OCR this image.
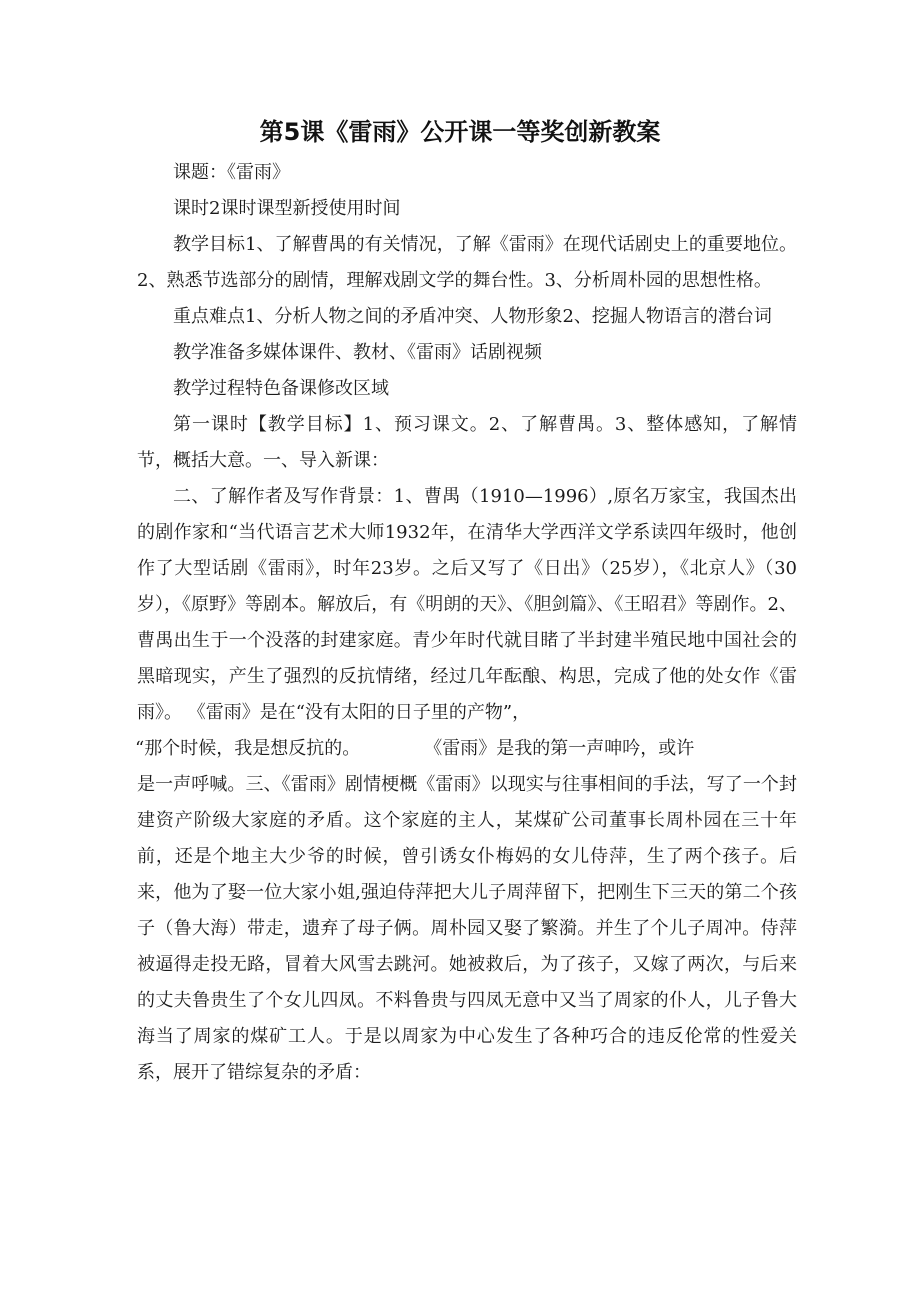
第5课《雷雨》公开课一等奖创新教案

课题：《雷雨》

课时2课时课型新授使用时间

教学目标1、了解曹禺的有关情况，了解《雷雨》在现代话剧史上的重要地位。2、熟悉节选部分的剧情，理解戏剧文学的舞台性。3、分析周朴园的思想性格。

重点难点1、分析人物之间的矛盾冲突、人物形象2、挖掘人物语言的潜台词

教学准备多媒体课件、教材、《雷雨》话剧视频

教学过程特色备课修改区域

第一课时【教学目标】1、预习课文。2、了解曹禺。3、整体感知，了解情节，概括大意。一、导入新课：

二、了解作者及写作背景：1、曹禺（1910—1996）,原名万家宝，我国杰出的剧作家和“当代语言艺术大师1932年，在清华大学西洋文学系读四年级时，他创作了大型话剧《雷雨》，时年23岁。之后又写了《日出》（25岁），《北京人》（30岁），《原野》等剧本。解放后，有《明朗的天》、《胆剑篇》、《王昭君》等剧作。2、曹禺出生于一个没落的封建家庭。青少年时代就目睹了半封建半殖民地中国社会的黑暗现实，产生了强烈的反抗情绪，经过几年酝酿、构思，完成了他的处女作《雷雨》。 《雷雨》是在“没有太阳的日子里的产物”，

“那个时候，我是想反抗的。	《雷雨》是我的第一声呻吟，或许

是一声呼喊。三、《雷雨》剧情梗概《雷雨》以现实与往事相间的手法，写了一个封建资产阶级大家庭的矛盾。这个家庭的主人，某煤矿公司董事长周朴园在三十年前，还是个地主大少爷的时候，曾引诱女仆梅妈的女儿侍萍，生了两个孩子。后来，他为了娶一位大家小姐,强迫侍萍把大儿子周萍留下，把刚生下三天的第二个孩子（鲁大海）带走，遗弃了母子俩。周朴园又娶了繁漪。并生了个儿子周冲。侍萍被逼得走投无路，冒着大风雪去跳河。她被救后，为了孩子，又嫁了两次，与后来的丈夫鲁贵生了个女儿四凤。不料鲁贵与四凤无意中又当了周家的仆人，儿子鲁大海当了周家的煤矿工人。于是以周家为中心发生了各种巧合的违反伦常的性爱关系，展开了错综复杂的矛盾：
